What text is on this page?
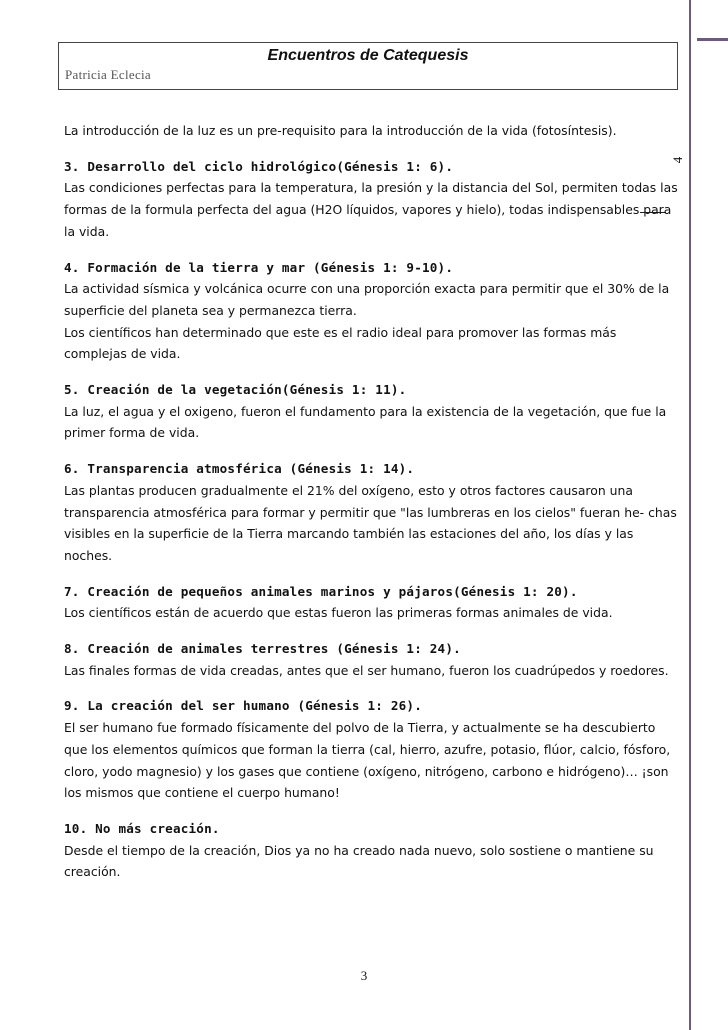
4
Encuentros de Catequesis
Patricia Eclecia

La introducción de la luz es un pre-requisito para la introducción de la vida (fotosíntesis).

3. Desarrollo del ciclo hidrológico(Génesis 1: 6).

Las condiciones perfectas para la temperatura, la presión y la distancia del Sol, permiten todas las formas de la formula perfecta del agua (H2O líquidos, vapores y hielo), todas indispensables para la vida.

4. Formación de la tierra y mar (Génesis 1: 9-10).

La actividad sísmica y volcánica ocurre con una proporción exacta para permitir que el 30% de la superficie del planeta sea y permanezca tierra.

Los científicos han determinado que este es el radio ideal para promover las formas más complejas de vida.

5. Creación de la vegetación(Génesis 1: 11).

La luz, el agua y el oxigeno, fueron el fundamento para la existencia de la vegetación, que fue la primer forma de vida.

6. Transparencia atmosférica (Génesis 1: 14).

Las plantas producen gradualmente el 21% del oxígeno, esto y otros factores causaron una transparencia atmosférica para formar y permitir que "las lumbreras en los cielos" fueran he- chas visibles en la superficie de la Tierra marcando también las estaciones del año, los días y las noches.

7. Creación de pequeños animales marinos y pájaros(Génesis 1: 20).

Los científicos están de acuerdo que estas fueron las primeras formas animales de vida.

8. Creación de animales terrestres (Génesis 1: 24).

Las finales formas de vida creadas, antes que el ser humano, fueron los cuadrúpedos y roedores.

9. La creación del ser humano (Génesis 1: 26).

El ser humano fue formado físicamente del polvo de la Tierra, y actualmente se ha descubierto que los elementos químicos que forman la tierra (cal, hierro, azufre, potasio, flúor, calcio, fósforo, cloro, yodo magnesio) y los gases que contiene (oxígeno, nitrógeno, carbono e hidrógeno)… ¡son los mismos que contiene el cuerpo humano!

10. No más creación.

Desde el tiempo de la creación, Dios ya no ha creado nada nuevo, solo sostiene o mantiene su creación.

3
